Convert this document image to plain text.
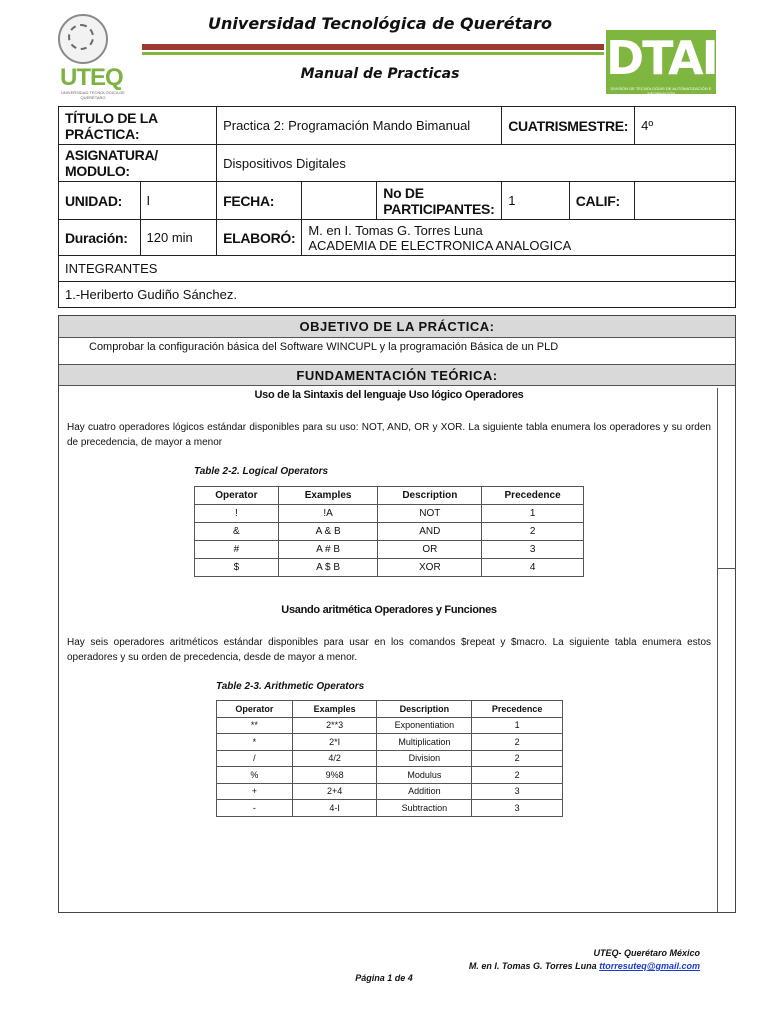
UTEQ
UNIVERSIDAD TECNOLÓGICA DE QUERÉTARO
Universidad Tecnológica de Querétaro
Manual de Practicas	DTAI
DIVISIÓN DE TECNOLOGÍAS DE AUTOMATIZACIÓN E INFORMACIÓN
TÍTULO DE LA PRÁCTICA:		Practica 2: Programación Mando Bimanual			CUATRISMESTRE:		4º
ASIGNATURA/ MODULO:		Dispositivos Digitales					
UNIDAD:	I	FECHA:		No DE PARTICIPANTES:	1	CALIF:	
Duración:	120 min	ELABORÓ:	M. en I. Tomas G. Torres Luna
ACADEMIA DE ELECTRONICA ANALOGICA				

INTEGRANTES							
1.-Heriberto Gudiño Sánchez.							
OBJETIVO DE LA PRÁCTICA:
Comprobar la configuración básica del Software WINCUPL y la programación Básica de un PLD
FUNDAMENTACIÓN TEÓRICA:
Uso de la Sintaxis del lenguaje Uso lógico Operadores
Hay cuatro operadores lógicos estándar disponibles para su uso: NOT, AND, OR y XOR. La siguiente tabla enumera los operadores y su orden de precedencia, de mayor a menor
Table 2-2. Logical Operators
Operator	Examples	Description	Precedence
!	!A	NOT	1
&	A & B	AND	2
#	A # B	OR	3
$	A $ B	XOR	4
Usando aritmética Operadores y Funciones
Hay seis operadores aritméticos estándar disponibles para usar en los comandos $repeat y $macro. La siguiente tabla enumera estos operadores y su orden de precedencia, desde de mayor a menor.
Table 2-3. Arithmetic Operators
Operator	Examples	Description	Precedence
**	2**3	Exponentiation	1
*	2*I	Multiplication	2
/	4/2	Division	2
%	9%8	Modulus	2
+	2+4	Addition	3
-	4-I	Subtraction	3
UTEQ- Querétaro México
M. en I. Tomas G. Torres Luna ttorresuteq@gmail.com
Página 1 de 4
